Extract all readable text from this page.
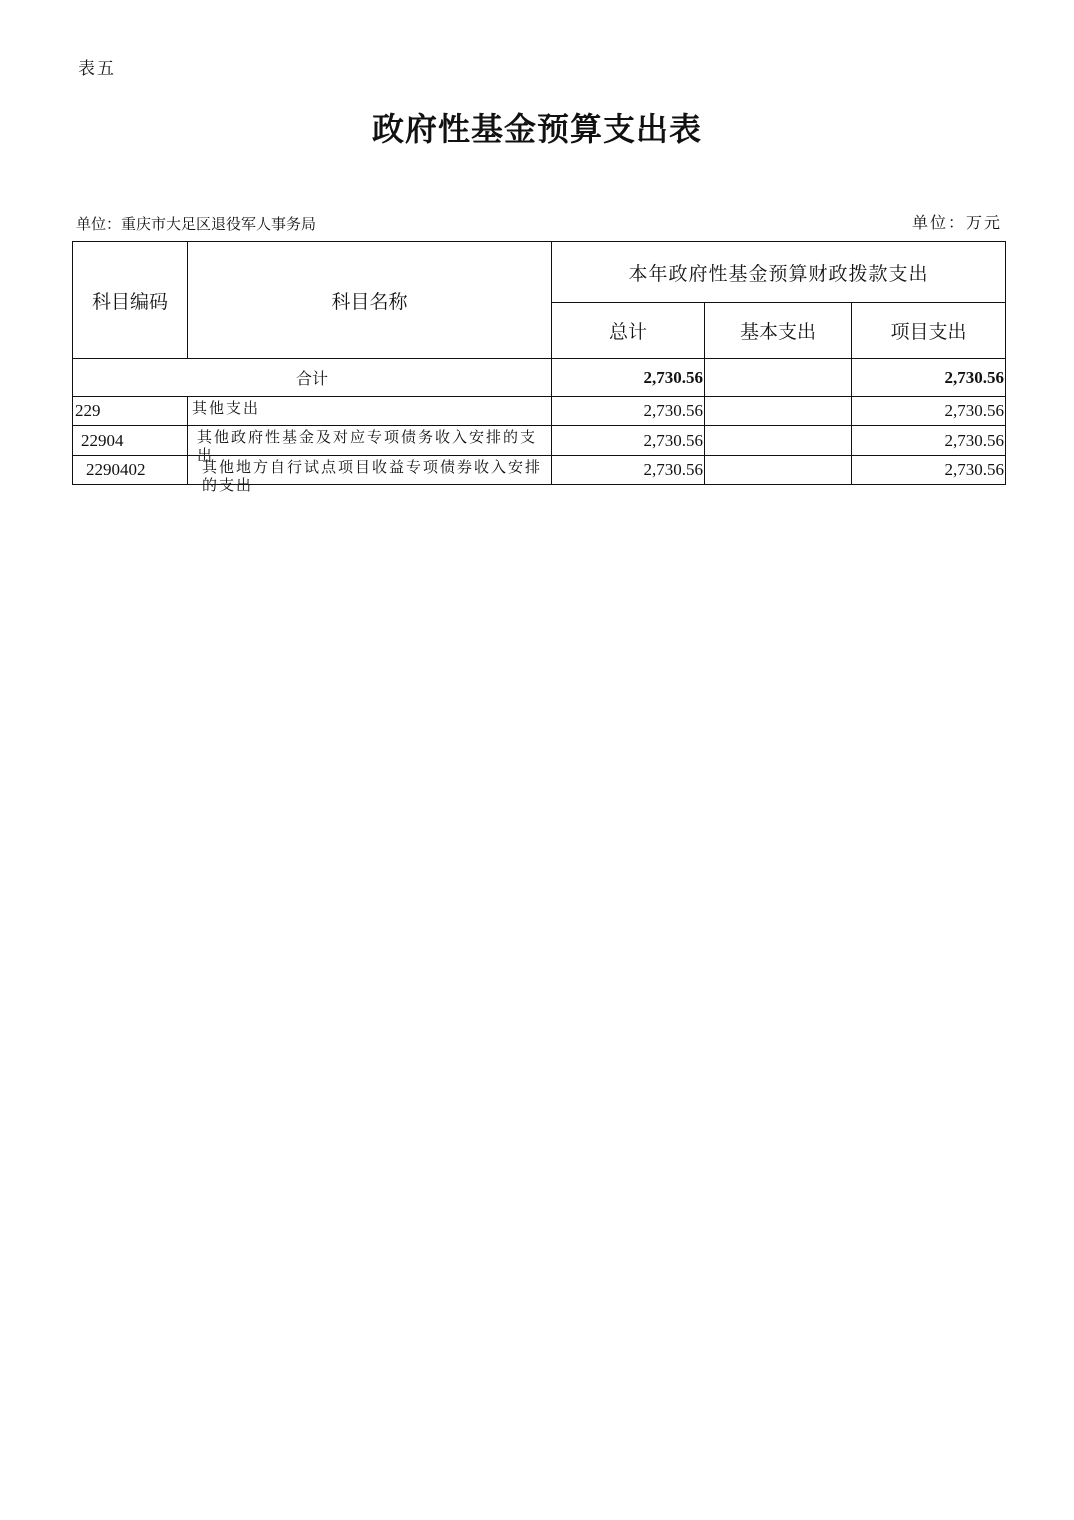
表五
政府性基金预算支出表
单位：重庆市大足区退役军人事务局	单位：万元
科目编码	科目名称	本年政府性基金预算财政拨款支出		
		总计	基本支出	项目支出
合计		2,730.56		2,730.56
229	其他支出	2,730.56		2,730.56
22904	其他政府性基金及对应专项债务收入安排的支出	2,730.56		2,730.56
2290402	其他地方自行试点项目收益专项债券收入安排的支出	2,730.56		2,730.56
